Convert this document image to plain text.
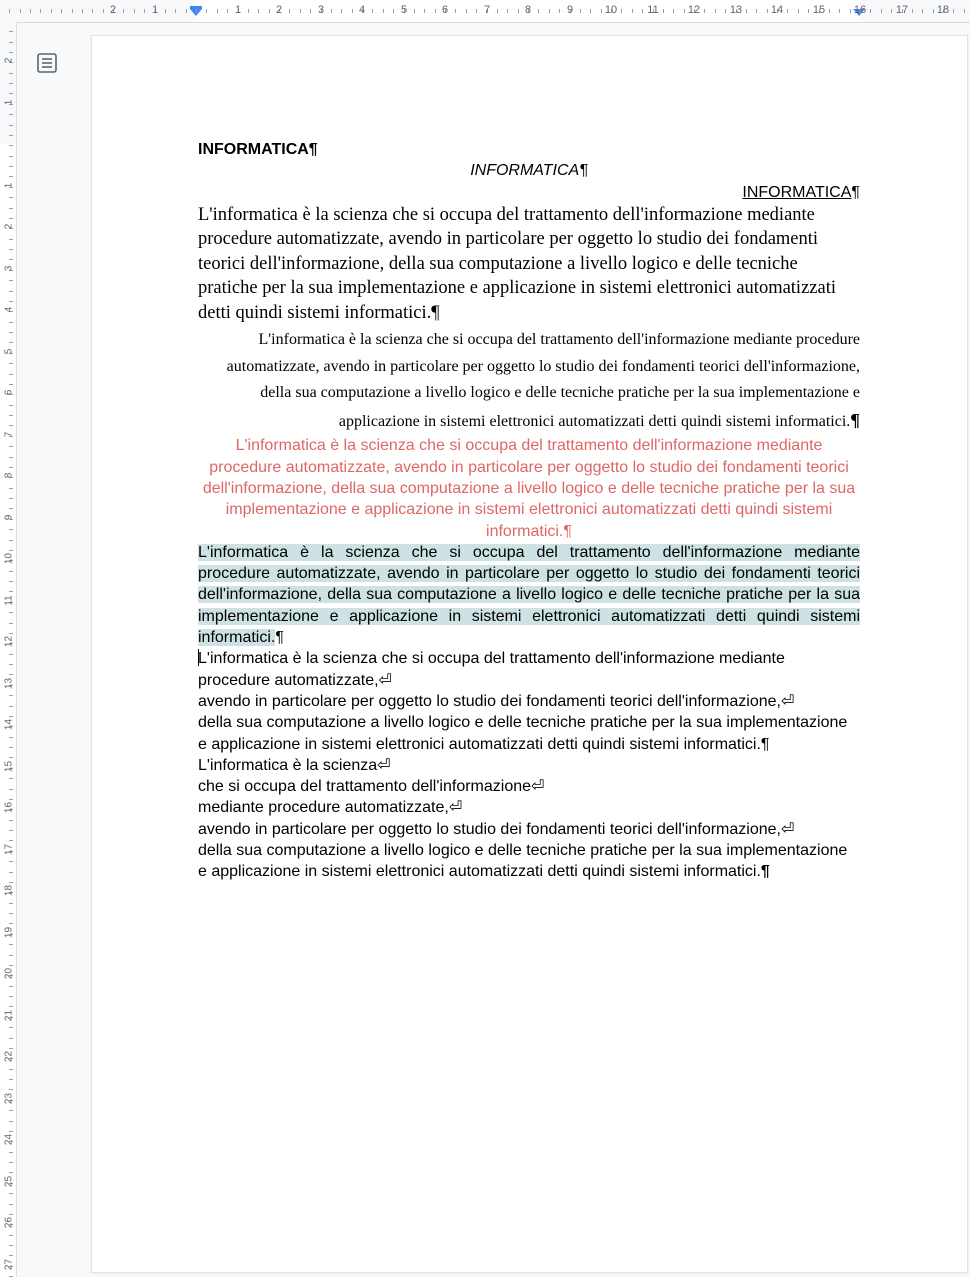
2	1	1	2	3	4	5	6	7	8	9	10	11	12	13	14	15	16	17	18
2
1
1
2
3
4
5
6
7
8
9
10
11
12
13
14
15
16
17
18
19
20
21
22
23
24
25
26
27

INFORMATICA¶

INFORMATICA¶

INFORMATICA¶

L'informatica è la scienza che si occupa del trattamento dell'informazione mediante procedure automatizzate, avendo in particolare per oggetto lo studio dei fondamenti teorici dell'informazione, della sua computazione a livello logico e delle tecniche pratiche per la sua implementazione e applicazione in sistemi elettronici automatizzati detti quindi sistemi informatici.¶

L'informatica è la scienza che si occupa del trattamento dell'informazione mediante procedure automatizzate, avendo in particolare per oggetto lo studio dei fondamenti teorici dell'informazione, della sua computazione a livello logico e delle tecniche pratiche per la sua implementazione e applicazione in sistemi elettronici automatizzati detti quindi sistemi informatici.¶

L'informatica è la scienza che si occupa del trattamento dell'informazione mediante procedure automatizzate, avendo in particolare per oggetto lo studio dei fondamenti teorici dell'informazione, della sua computazione a livello logico e delle tecniche pratiche per la sua implementazione e applicazione in sistemi elettronici automatizzati detti quindi sistemi informatici.¶

L'informatica è la scienza che si occupa del trattamento dell'informazione mediante procedure automatizzate, avendo in particolare per oggetto lo studio dei fondamenti teorici dell'informazione, della sua computazione a livello logico e delle tecniche pratiche per la sua implementazione e applicazione in sistemi elettronici automatizzati detti quindi sistemi informatici.¶

L'informatica è la scienza che si occupa del trattamento dell'informazione mediante procedure automatizzate,⏎

avendo in particolare per oggetto lo studio dei fondamenti teorici dell'informazione,⏎

della sua computazione a livello logico e delle tecniche pratiche per la sua implementazione e applicazione in sistemi elettronici automatizzati detti quindi sistemi informatici.¶

L'informatica è la scienza⏎

che si occupa del trattamento dell'informazione⏎

mediante procedure automatizzate,⏎

avendo in particolare per oggetto lo studio dei fondamenti teorici dell'informazione,⏎

della sua computazione a livello logico e delle tecniche pratiche per la sua implementazione e applicazione in sistemi elettronici automatizzati detti quindi sistemi informatici.¶
